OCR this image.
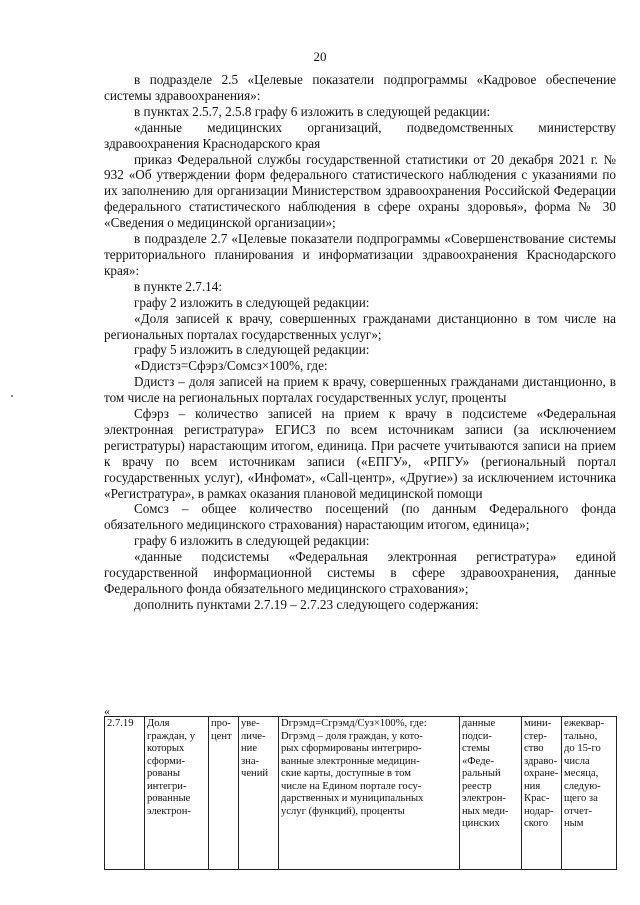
20

в подразделе 2.5 «Целевые показатели подпрограммы «Кадровое обеспечение системы здравоохранения»:

в пунктах 2.5.7, 2.5.8 графу 6 изложить в следующей редакции:

«данные медицинских организаций, подведомственных министерству здравоохранения Краснодарского края

приказ Федеральной службы государственной статистики от 20 декабря 2021 г. № 932 «Об утверждении форм федерального статистического наблюдения с указаниями по их заполнению для организации Министерством здравоохранения Российской Федерации федерального статистического наблюдения в сфере охраны здоровья», форма № 30 «Сведения о медицинской организации»;

в подразделе 2.7 «Целевые показатели подпрограммы «Совершенствование системы территориального планирования и информатизации здравоохранения Краснодарского края»:

в пункте 2.7.14:

графу 2 изложить в следующей редакции:

«Доля записей к врачу, совершенных гражданами дистанционно в том числе на региональных порталах государственных услуг»;

графу 5 изложить в следующей редакции:

«Dдистз=Сфэрз/Сомсз×100%, где:

Dдистз – доля записей на прием к врачу, совершенных гражданами дистанционно, в том числе на региональных порталах государственных услуг, проценты

Сфэрз – количество записей на прием к врачу в подсистеме «Федеральная электронная регистратура» ЕГИСЗ по всем источникам записи (за исключением регистратуры) нарастающим итогом, единица. При расчете учитываются записи на прием к врачу по всем источникам записи («ЕПГУ», «РПГУ» (региональный портал государственных услуг), «Инфомат», «Call-центр», «Другие») за исключением источника «Регистратура», в рамках оказания плановой медицинской помощи

Сомсз – общее количество посещений (по данным Федерального фонда обязательного медицинского страхования) нарастающим итогом, единица»;

графу 6 изложить в следующей редакции:

«данные подсистемы «Федеральная электронная регистратура» единой государственной информационной системы в сфере здравоохранения, данные Федерального фонда обязательного медицинского страхования»;

дополнить пунктами 2.7.19 – 2.7.23 следующего содержания:

«
2.7.19	Доля
граждан, у
которых
сформи-
рованы
интегри-
рованные
электрон-	про-
цент	уве-
личе-
ние
зна-
чений	Dгрэмд=Сгрэмд/Суз×100%, где:
Dгрэмд – доля граждан, у кото-
рых сформированы интегриро-
ванные электронные медицин-
ские карты, доступные в том
числе на Едином портале госу-
дарственных и муниципальных
услуг (функций), проценты	данные
подси-
стемы
«Феде-
ральный
реестр
электрон-
ных меди-
цинских	мини-
стер-
ство
здраво-
охране-
ния
Крас-
нодар-
ского	ежеквар-
тально,
до 15-го
числа
месяца,
следую-
щего за
отчет-
ным
